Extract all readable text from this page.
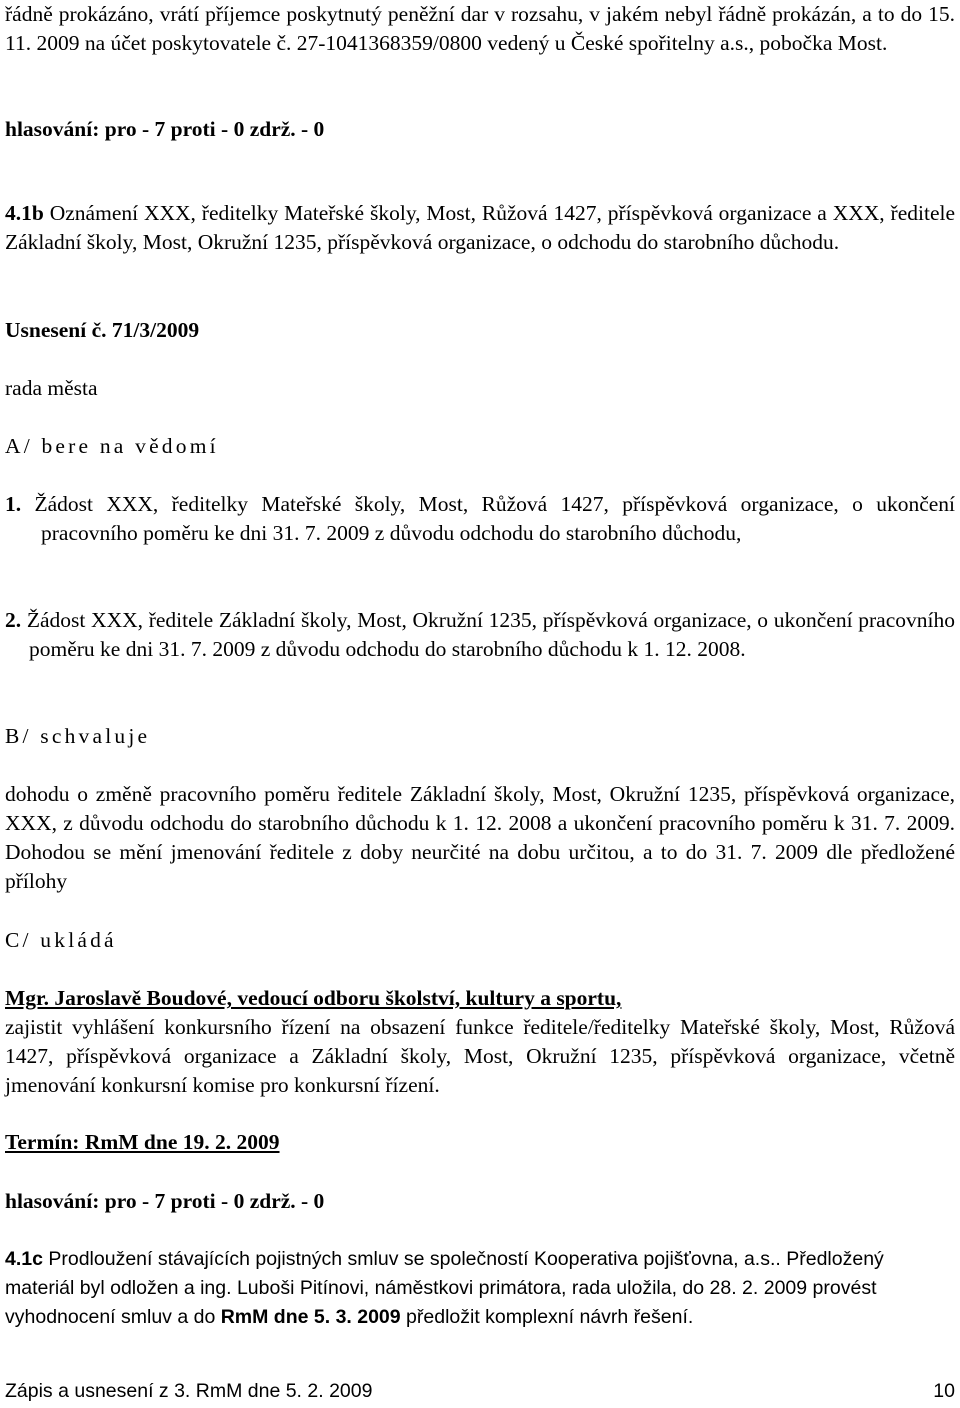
řádně prokázáno, vrátí příjemce poskytnutý peněžní dar v rozsahu, v jakém nebyl řádně prokázán, a to do 15. 11. 2009 na účet poskytovatele č. 27-1041368359/0800 vedený u České spořitelny a.s., pobočka Most.

hlasování: pro - 7 proti - 0 zdrž. - 0

4.1b Oznámení XXX, ředitelky Mateřské školy, Most, Růžová 1427, příspěvková organizace a XXX, ředitele Základní školy, Most, Okružní 1235, příspěvková organizace, o odchodu do starobního důchodu.

Usnesení č. 71/3/2009

rada města

A/ bere na vědomí

1. Žádost XXX, ředitelky Mateřské školy, Most, Růžová 1427, příspěvková organizace, o ukončení pracovního poměru ke dni 31. 7. 2009 z důvodu odchodu do starobního důchodu,
2. Žádost XXX, ředitele Základní školy, Most, Okružní 1235, příspěvková organizace, o ukončení pracovního poměru ke dni 31. 7. 2009 z důvodu odchodu do starobního důchodu k 1. 12. 2008.

B/ schvaluje

dohodu o změně pracovního poměru ředitele Základní školy, Most, Okružní 1235, příspěvková organizace, XXX, z důvodu odchodu do starobního důchodu k 1. 12. 2008 a ukončení pracovního poměru k 31. 7. 2009. Dohodou se mění jmenování ředitele z doby neurčité na dobu určitou, a to do 31. 7. 2009 dle předložené přílohy

C/ ukládá

Mgr. Jaroslavě Boudové, vedoucí odboru školství, kultury a sportu,

zajistit vyhlášení konkursního řízení na obsazení funkce ředitele/ředitelky Mateřské školy, Most, Růžová 1427, příspěvková organizace a Základní školy, Most, Okružní 1235, příspěvková organizace, včetně jmenování konkursní komise pro konkursní řízení.

Termín: RmM dne 19. 2. 2009

hlasování: pro - 7 proti - 0 zdrž. - 0

4.1c Prodloužení stávajících pojistných smluv se společností Kooperativa pojišťovna, a.s.. Předložený materiál byl odložen a ing. Luboši Pitínovi, náměstkovi primátora, rada uložila, do 28. 2. 2009 provést vyhodnocení smluv a do RmM dne 5. 3. 2009 předložit komplexní návrh řešení.

Zápis a usnesení z 3. RmM dne 5. 2. 2009	10
